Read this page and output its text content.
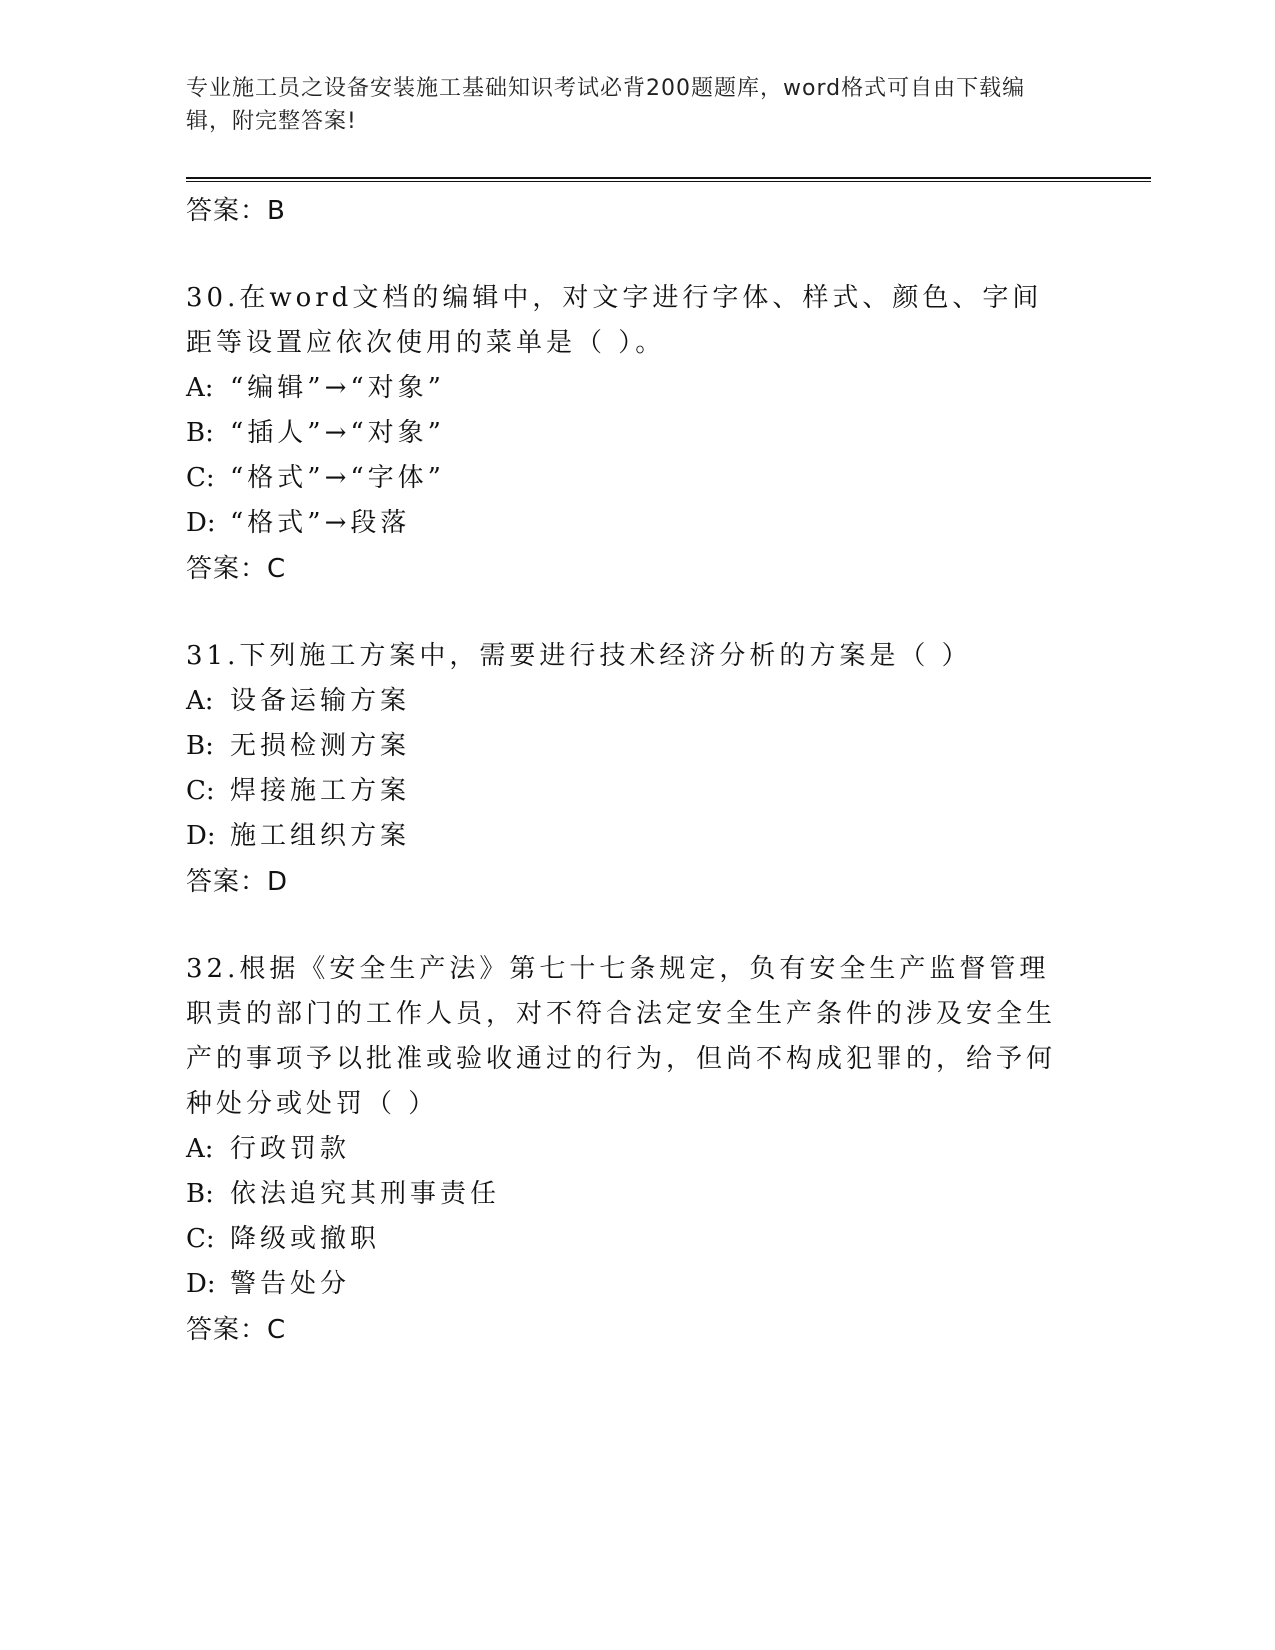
专业施工员之设备安装施工基础知识考试必背200题题库，word格式可自由下载编辑，附完整答案!
答案：B
30.在word文档的编辑中，对文字进行字体、样式、颜色、字间距等设置应依次使用的菜单是（ ）。
A: “编辑”→“对象”
B: “插人”→“对象”
C: “格式”→“字体”
D: “格式”→段落
答案：C
31.下列施工方案中，需要进行技术经济分析的方案是（ ）
A: 设备运输方案
B: 无损检测方案
C: 焊接施工方案
D: 施工组织方案
答案：D
32.根据《安全生产法》第七十七条规定，负有安全生产监督管理职责的部门的工作人员，对不符合法定安全生产条件的涉及安全生产的事项予以批准或验收通过的行为，但尚不构成犯罪的，给予何种处分或处罚（ ）
A: 行政罚款
B: 依法追究其刑事责任
C: 降级或撤职
D: 警告处分
答案：C
